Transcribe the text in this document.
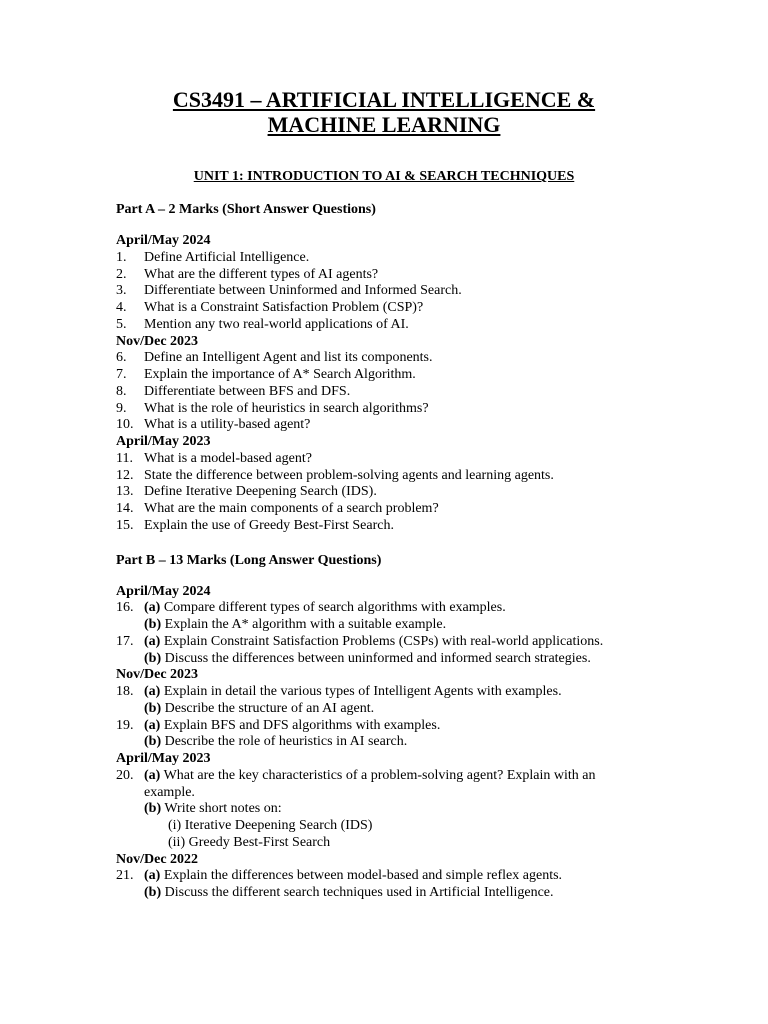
CS3491 – ARTIFICIAL INTELLIGENCE &
MACHINE LEARNING
UNIT 1: INTRODUCTION TO AI & SEARCH TECHNIQUES
Part A – 2 Marks (Short Answer Questions)
April/May 2024
1.	Define Artificial Intelligence.
2.	What are the different types of AI agents?
3.	Differentiate between Uninformed and Informed Search.
4.	What is a Constraint Satisfaction Problem (CSP)?
5.	Mention any two real-world applications of AI.
Nov/Dec 2023
6.	Define an Intelligent Agent and list its components.
7.	Explain the importance of A* Search Algorithm.
8.	Differentiate between BFS and DFS.
9.	What is the role of heuristics in search algorithms?
10. What is a utility-based agent?
April/May 2023
11. What is a model-based agent?
12. State the difference between problem-solving agents and learning agents.
13. Define Iterative Deepening Search (IDS).
14. What are the main components of a search problem?
15. Explain the use of Greedy Best-First Search.
Part B – 13 Marks (Long Answer Questions)
April/May 2024
16. (a) Compare different types of search algorithms with examples.
(b) Explain the A* algorithm with a suitable example.
17. (a) Explain Constraint Satisfaction Problems (CSPs) with real-world applications.
(b) Discuss the differences between uninformed and informed search strategies.
Nov/Dec 2023
18. (a) Explain in detail the various types of Intelligent Agents with examples.
(b) Describe the structure of an AI agent.
19. (a) Explain BFS and DFS algorithms with examples.
(b) Describe the role of heuristics in AI search.
April/May 2023
20. (a) What are the key characteristics of a problem-solving agent? Explain with an
example.
(b) Write short notes on:
(i) Iterative Deepening Search (IDS)
(ii) Greedy Best-First Search
Nov/Dec 2022
21. (a) Explain the differences between model-based and simple reflex agents.
(b) Discuss the different search techniques used in Artificial Intelligence.
